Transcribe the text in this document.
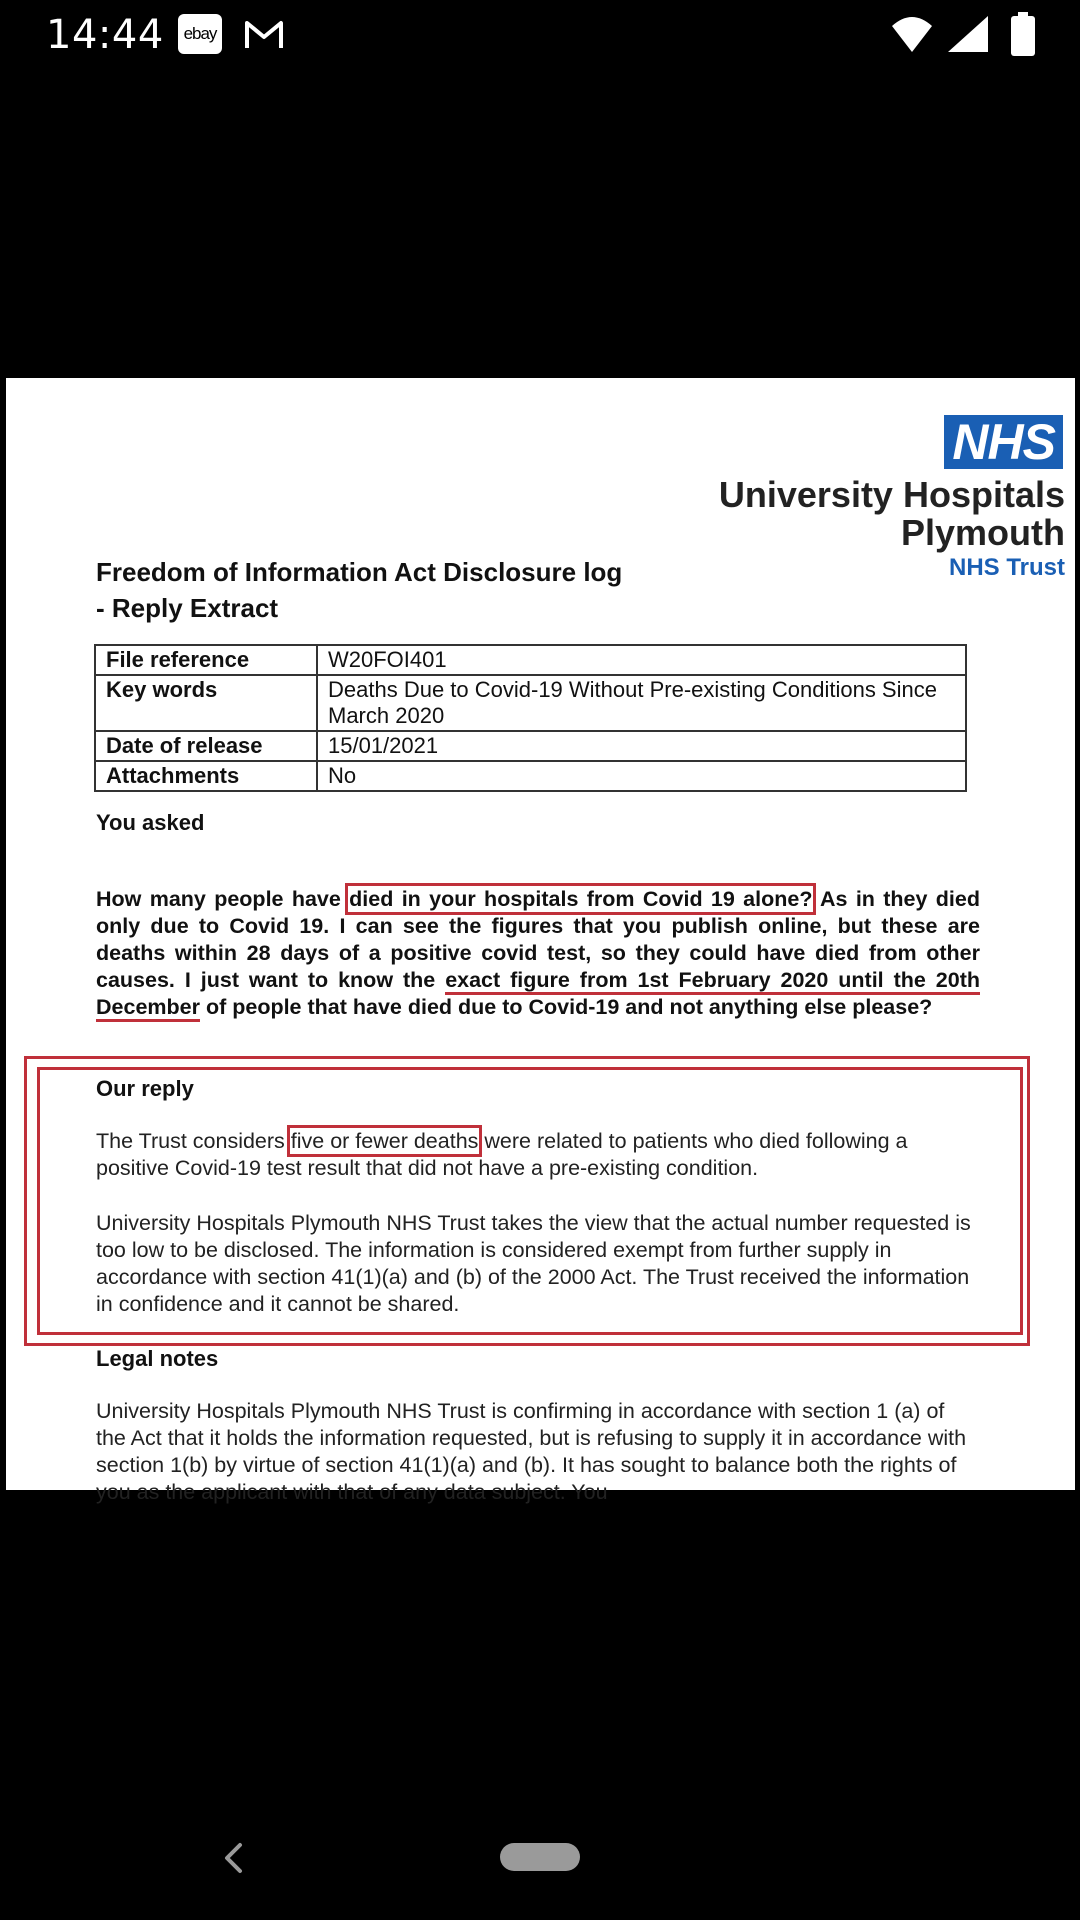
14:44	ebay
NHS
University Hospitals
Plymouth
NHS Trust
Freedom of Information Act Disclosure log
- Reply Extract
File reference	W20FOI401
Key words	Deaths Due to Covid-19 Without Pre-existing Conditions Since March 2020
Date of release	15/01/2021
Attachments	No
You asked
How many people have died in your hospitals from Covid 19 alone? As in they died only due to Covid 19. I can see the figures that you publish online, but these are deaths within 28 days of a positive covid test, so they could have died from other causes. I just want to know the exact figure from 1st February 2020 until the 20th December of people that have died due to Covid-19 and not anything else please?
Our reply
The Trust considers five or fewer deaths were related to patients who died following a positive Covid-19 test result that did not have a pre-existing condition.
University Hospitals Plymouth NHS Trust takes the view that the actual number requested is too low to be disclosed. The information is considered exempt from further supply in accordance with section 41(1)(a) and (b) of the 2000 Act. The Trust received the information in confidence and it cannot be shared.
Legal notes
University Hospitals Plymouth NHS Trust is confirming in accordance with section 1 (a) of the Act that it holds the information requested, but is refusing to supply it in accordance with section 1(b) by virtue of section 41(1)(a) and (b). It has sought to balance both the rights of you as the applicant with that of any data subject. You
